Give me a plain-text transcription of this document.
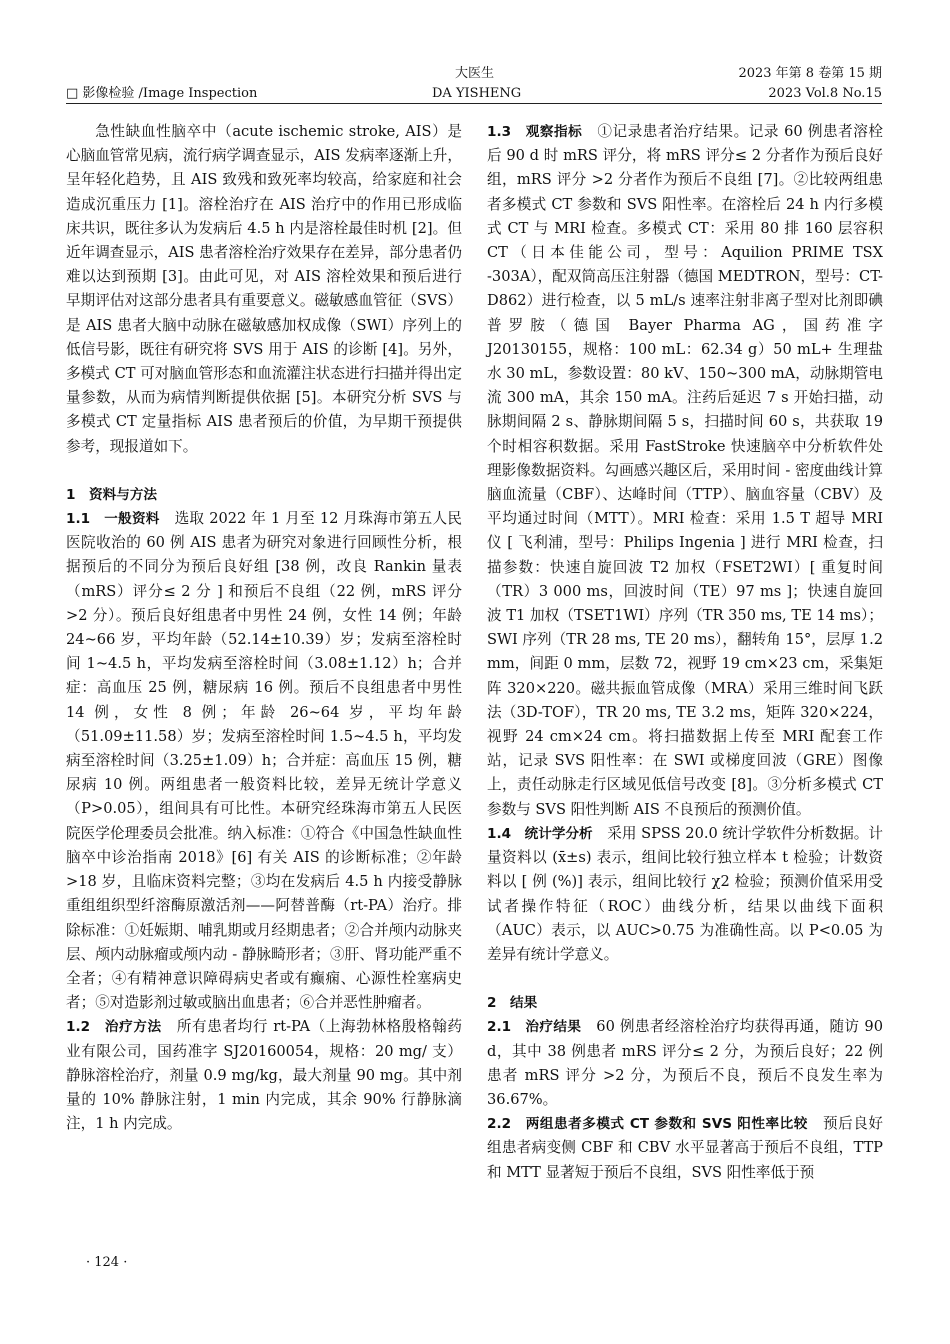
大医生	2023 年第 8 卷第 15 期
□ 影像检验 /Image Inspection	DA YISHENG	2023 Vol.8 No.15

急性缺血性脑卒中（acute ischemic stroke, AIS）是心脑血管常见病，流行病学调查显示，AIS 发病率逐渐上升，呈年轻化趋势，且 AIS 致残和致死率均较高，给家庭和社会造成沉重压力 [1]。溶栓治疗在 AIS 治疗中的作用已形成临床共识，既往多认为发病后 4.5 h 内是溶栓最佳时机 [2]。但近年调查显示，AIS 患者溶栓治疗效果存在差异，部分患者仍难以达到预期 [3]。由此可见，对 AIS 溶栓效果和预后进行早期评估对这部分患者具有重要意义。磁敏感血管征（SVS）是 AIS 患者大脑中动脉在磁敏感加权成像（SWI）序列上的低信号影，既往有研究将 SVS 用于 AIS 的诊断 [4]。另外，多模式 CT 可对脑血管形态和血流灌注状态进行扫描并得出定量参数，从而为病情判断提供依据 [5]。本研究分析 SVS 与多模式 CT 定量指标 AIS 患者预后的价值，为早期干预提供参考，现报道如下。

1　资料与方法

1.1　一般资料　 选取 2022 年 1 月至 12 月珠海市第五人民医院收治的 60 例 AIS 患者为研究对象进行回顾性分析，根据预后的不同分为预后良好组 [38 例，改良 Rankin 量表（mRS）评分≤ 2 分 ] 和预后不良组（22 例，mRS 评分 >2 分）。预后良好组患者中男性 24 例，女性 14 例；年龄 24~66 岁，平均年龄（52.14±10.39）岁；发病至溶栓时间 1~4.5 h，平均发病至溶栓时间（3.08±1.12）h；合并症：高血压 25 例，糖尿病 16 例。预后不良组患者中男性 14 例，女性 8 例；年龄 26~64 岁，平均年龄（51.09±11.58）岁；发病至溶栓时间 1.5~4.5 h，平均发病至溶栓时间（3.25±1.09）h；合并症：高血压 15 例，糖尿病 10 例。两组患者一般资料比较，差异无统计学意义（P>0.05），组间具有可比性。本研究经珠海市第五人民医院医学伦理委员会批准。纳入标准：①符合《中国急性缺血性脑卒中诊治指南 2018》[6] 有关 AIS 的诊断标准；②年龄 >18 岁，且临床资料完整；③均在发病后 4.5 h 内接受静脉重组组织型纤溶酶原激活剂——阿替普酶（rt-PA）治疗。排除标准：①妊娠期、哺乳期或月经期患者；②合并颅内动脉夹层、颅内动脉瘤或颅内动 - 静脉畸形者；③肝、肾功能严重不全者；④有精神意识障碍病史者或有癫痫、心源性栓塞病史者；⑤对造影剂过敏或脑出血患者；⑥合并恶性肿瘤者。

1.2　治疗方法　 所有患者均行 rt-PA（上海勃林格殷格翰药业有限公司，国药准字 SJ20160054，规格：20 mg/ 支）静脉溶栓治疗，剂量 0.9 mg/kg，最大剂量 90 mg。其中剂量的 10% 静脉注射，1 min 内完成，其余 90% 行静脉滴注，1 h 内完成。

1.3　观察指标　 ①记录患者治疗结果。记录 60 例患者溶栓后 90 d 时 mRS 评分，将 mRS 评分≤ 2 分者作为预后良好组，mRS 评分 >2 分者作为预后不良组 [7]。②比较两组患者多模式 CT 参数和 SVS 阳性率。在溶栓后 24 h 内行多模式 CT 与 MRI 检查。多模式 CT：采用 80 排 160 层容积 CT（日本佳能公司，型号：Aquilion PRIME TSX -303A），配双筒高压注射器（德国 MEDTRON，型号：CT-D862）进行检查，以 5 mL/s 速率注射非离子型对比剂即碘普罗胺（德国 Bayer Pharma AG，国药准字 J20130155，规格：100 mL：62.34 g）50 mL+ 生理盐水 30 mL，参数设置：80 kV、150~300 mA，动脉期管电流 300 mA，其余 150 mA。注药后延迟 7 s 开始扫描，动脉期间隔 2 s、静脉期间隔 5 s，扫描时间 60 s，共获取 19 个时相容积数据。采用 FastStroke 快速脑卒中分析软件处理影像数据资料。勾画感兴趣区后，采用时间 - 密度曲线计算脑血流量（CBF）、达峰时间（TTP）、脑血容量（CBV）及平均通过时间（MTT）。MRI 检查：采用 1.5 T 超导 MRI 仪 [ 飞利浦，型号：Philips Ingenia ] 进行 MRI 检查，扫描参数：快速自旋回波 T2 加权（FSET2WI）[ 重复时间（TR）3 000 ms，回波时间（TE）97 ms ]；快速自旋回波 T1 加权（TSET1WI）序列（TR 350 ms, TE 14 ms）；SWI 序列（TR 28 ms, TE 20 ms），翻转角 15°，层厚 1.2 mm，间距 0 mm，层数 72，视野 19 cm×23 cm，采集矩阵 320×220。磁共振血管成像（MRA）采用三维时间飞跃法（3D-TOF），TR 20 ms, TE 3.2 ms，矩阵 320×224，视野 24 cm×24 cm。将扫描数据上传至 MRI 配套工作站，记录 SVS 阳性率：在 SWI 或梯度回波（GRE）图像上，责任动脉走行区域见低信号改变 [8]。③分析多模式 CT 参数与 SVS 阳性判断 AIS 不良预后的预测价值。

1.4　统计学分析　 采用 SPSS 20.0 统计学软件分析数据。计量资料以 (x̄±s) 表示，组间比较行独立样本 t 检验；计数资料以 [ 例 (%)] 表示，组间比较行 χ2 检验；预测价值采用受试者操作特征（ROC）曲线分析，结果以曲线下面积（AUC）表示，以 AUC>0.75 为准确性高。以 P<0.05 为差异有统计学意义。

2　结果

2.1　治疗结果　 60 例患者经溶栓治疗均获得再通，随访 90 d，其中 38 例患者 mRS 评分≤ 2 分，为预后良好；22 例患者 mRS 评分 >2 分，为预后不良，预后不良发生率为 36.67%。

2.2　两组患者多模式 CT 参数和 SVS 阳性率比较　 预后良好组患者病变侧 CBF 和 CBV 水平显著高于预后不良组，TTP 和 MTT 显著短于预后不良组，SVS 阳性率低于预

· 124 ·
